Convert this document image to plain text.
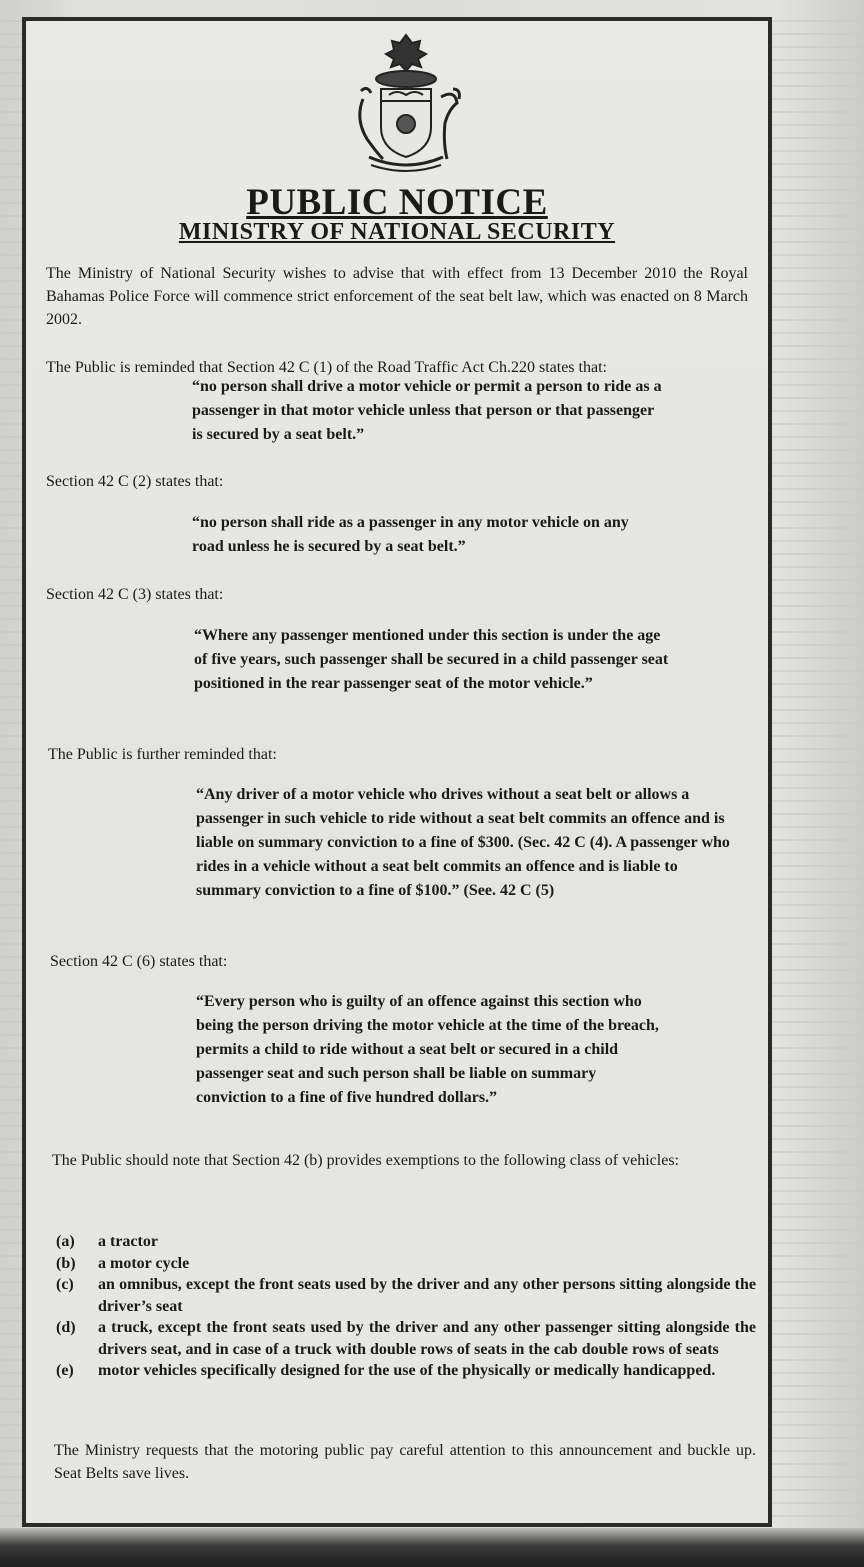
PUBLIC NOTICE
MINISTRY OF NATIONAL SECURITY

The Ministry of National Security wishes to advise that with effect from 13 December 2010 the Royal Bahamas Police Force will commence strict enforcement of the seat belt law, which was enacted on 8 March 2002.

The Public is reminded that Section 42 C (1) of the Road Traffic Act Ch.220 states that:

“no person shall drive a motor vehicle or permit a person to ride as a passenger in that motor vehicle unless that person or that passenger is secured by a seat belt.”

Section 42 C (2) states that:

“no person shall ride as a passenger in any motor vehicle on any road unless he is secured by a seat belt.”

Section 42 C (3) states that:

“Where any passenger mentioned under this section is under the age of five years, such passenger shall be secured in a child passenger seat positioned in the rear passenger seat of the motor vehicle.”

The Public is further reminded that:

“Any driver of a motor vehicle who drives without a seat belt or allows a passenger in such vehicle to ride without a seat belt commits an offence and is liable on summary conviction to a fine of $300. (Sec. 42 C (4). A passenger who rides in a vehicle without a seat belt commits an offence and is liable to summary conviction to a fine of $100.” (See. 42 C (5)

Section 42 C (6) states that:

“Every person who is guilty of an offence against this section who being the person driving the motor vehicle at the time of the breach, permits a child to ride without a seat belt or secured in a child passenger seat and such person shall be liable on summary conviction to a fine of five hundred dollars.”

The Public should note that Section 42 (b) provides exemptions to the following class of vehicles:

(a)	a tractor

(b)	a motor cycle

(c)	an omnibus, except the front seats used by the driver and any other persons sitting alongside the driver’s seat

(d)	a truck, except the front seats used by the driver and any other passenger sitting alongside the drivers seat, and in case of a truck with double rows of seats in the cab double rows of seats

(e)	motor vehicles specifically designed for the use of the physically or medically handicapped.

The Ministry requests that the motoring public pay careful attention to this announcement and buckle up. Seat Belts save lives.
